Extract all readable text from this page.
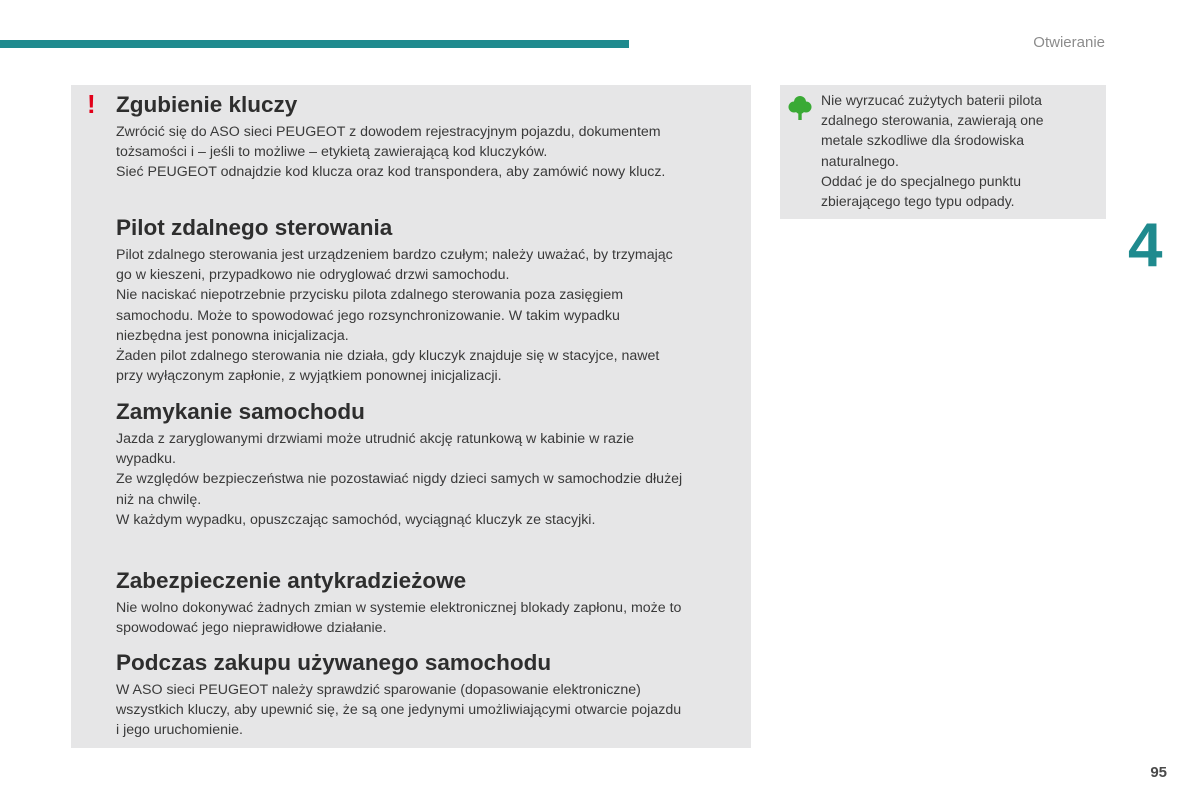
Otwieranie
! Zgubienie kluczy

Zwrócić się do ASO sieci PEUGEOT z dowodem rejestracyjnym pojazdu, dokumentem

tożsamości i – jeśli to możliwe – etykietą zawierającą kod kluczyków.

Sieć PEUGEOT odnajdzie kod klucza oraz kod transpondera, aby zamówić nowy klucz.

Pilot zdalnego sterowania

Pilot zdalnego sterowania jest urządzeniem bardzo czułym; należy uważać, by trzymając

go w kieszeni, przypadkowo nie odryglować drzwi samochodu.

Nie naciskać niepotrzebnie przycisku pilota zdalnego sterowania poza zasięgiem

samochodu. Może to spowodować jego rozsynchronizowanie. W takim wypadku

niezbędna jest ponowna inicjalizacja.

Żaden pilot zdalnego sterowania nie działa, gdy kluczyk znajduje się w stacyjce, nawet

przy wyłączonym zapłonie, z wyjątkiem ponownej inicjalizacji.

Zamykanie samochodu

Jazda z zaryglowanymi drzwiami może utrudnić akcję ratunkową w kabinie w razie

wypadku.

Ze względów bezpieczeństwa nie pozostawiać nigdy dzieci samych w samochodzie dłużej

niż na chwilę.

W każdym wypadku, opuszczając samochód, wyciągnąć kluczyk ze stacyjki.

Zabezpieczenie antykradzieżowe

Nie wolno dokonywać żadnych zmian w systemie elektronicznej blokady zapłonu, może to

spowodować jego nieprawidłowe działanie.

Podczas zakupu używanego samochodu

W ASO sieci PEUGEOT należy sprawdzić sparowanie (dopasowanie elektroniczne)

wszystkich kluczy, aby upewnić się, że są one jedynymi umożliwiającymi otwarcie pojazdu

i jego uruchomienie.

Nie wyrzucać zużytych baterii pilota
zdalnego sterowania, zawierają one
metale szkodliwe dla środowiska
naturalnego.
Oddać je do specjalnego punktu
zbierającego tego typu odpady.
4
95
